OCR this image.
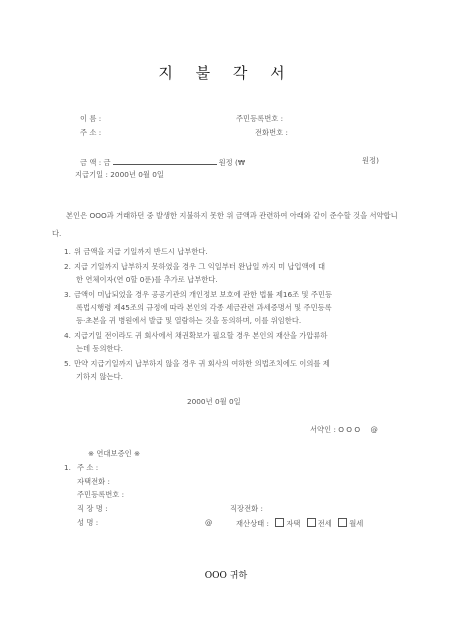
지 불 각 서
이 름 :	주민등록번호 :
주 소 :	전화번호 :
금 액 : 금	원정 (₩	원정)
지급기일 : 2000년 0월 0일
본인은 OOO과 거래하던 중 발생한 지불하지 못한 위 금액과 관련하여 아래와 같이 준수할 것을 서약합니다.
1. 위 금액을 지급 기일까지 반드시 납부한다.
2. 지급 기일까지 납부하지 못하였을 경우 그 익일부터 완납일 까지 미 납입액에 대
한 연체이자(연 0할 0푼)를 추가로 납부한다.
3. 금액이 미납되었을 경우 공공기관의 개인정보 보호에 관한 법률 제16조 및 주민등
록법시행령 제45조의 규정에 따라 본인의 각종 세금관련 과세증명서 및 주민등록
등·초본을 귀 병원에서 발급 및 열람하는 것을 동의하며, 이를 위임한다.
4. 지급기일 전이라도 귀 회사에서 채권확보가 필요할 경우 본인의 재산을 가압류하
는데 동의한다.
5. 만약 지급기일까지 납부하지 않을 경우 귀 회사의 여하한 의법조치에도 이의를 제
기하지 않는다.
2000년 0월 0일
서약인 : O O O @
※ 연대보증인 ※
1. 주 소 :
자택전화 :
주민등록번호 :
직 장 명 :	직장전화 :
성 명 :	@	재산상태 : 자택 전세 월세
OOO 귀하
